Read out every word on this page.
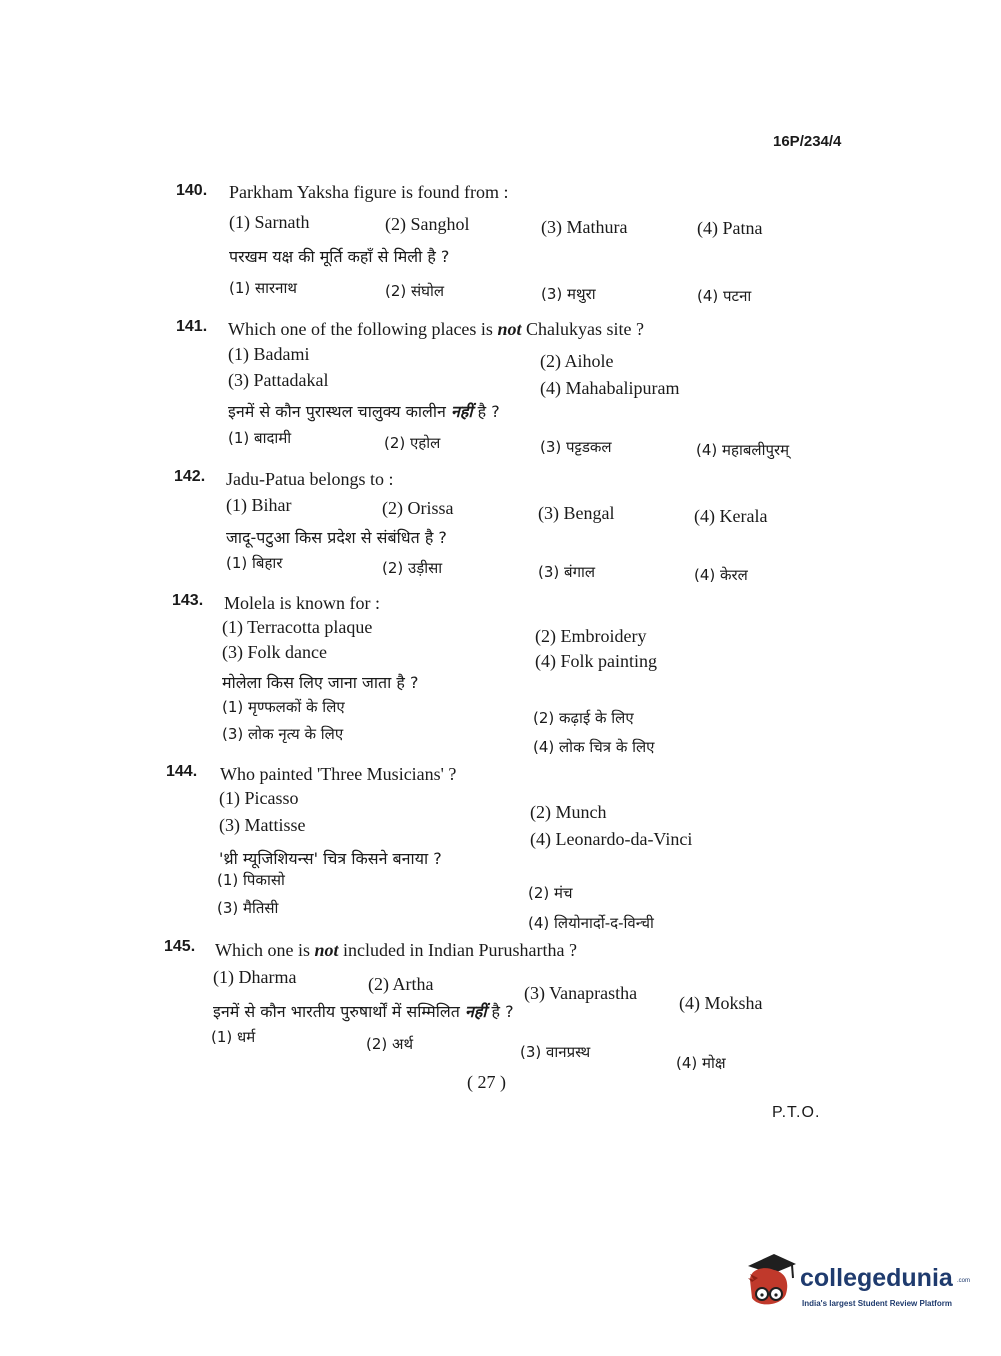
16P/234/4
140. Parkham Yaksha figure is found from :
(1) Sarnath	(2) Sanghol	(3) Mathura	(4) Patna
परखम यक्ष की मूर्ति कहाँ से मिली है ?
(1) सारनाथ	(2) संघोल	(3) मथुरा	(4) पटना
141. Which one of the following places is not Chalukyas site ?
(1) Badami	(2) Aihole
(3) Pattadakal	(4) Mahabalipuram
इनमें से कौन पुरास्थल चालुक्य कालीन नहीं है ?
(1) बादामी	(2) एहोल	(3) पट्टडकल	(4) महाबलीपुरम्
142. Jadu-Patua belongs to :
(1) Bihar	(2) Orissa	(3) Bengal	(4) Kerala
जादू-पटुआ किस प्रदेश से संबंधित है ?
(1) बिहार	(2) उड़ीसा	(3) बंगाल	(4) केरल
143. Molela is known for :
(1) Terracotta plaque	(2) Embroidery
(3) Folk dance	(4) Folk painting
मोलेला किस लिए जाना जाता है ?
(1) मृण्फलकों के लिए
(2) कढ़ाई के लिए
(3) लोक नृत्य के लिए
(4) लोक चित्र के लिए
144. Who painted 'Three Musicians' ?
(1) Picasso
(2) Munch
(3) Mattisse
(4) Leonardo-da-Vinci
'थ्री म्यूजिशियन्स' चित्र किसने बनाया ?
(1) पिकासो
(2) मंच
(3) मैतिसी
(4) लियोनार्दो-द-विन्ची
145. Which one is not included in Indian Purushartha ?
(1) Dharma	(2) Artha	(3) Vanaprastha (4) Moksha
इनमें से कौन भारतीय पुरुषार्थों में सम्मिलित नहीं है ?
(1) धर्म	(2) अर्थ	(3) वानप्रस्थ
(4) मोक्ष
( 27 )
P.T.O.
collegedunia .com
India's largest Student Review Platform
